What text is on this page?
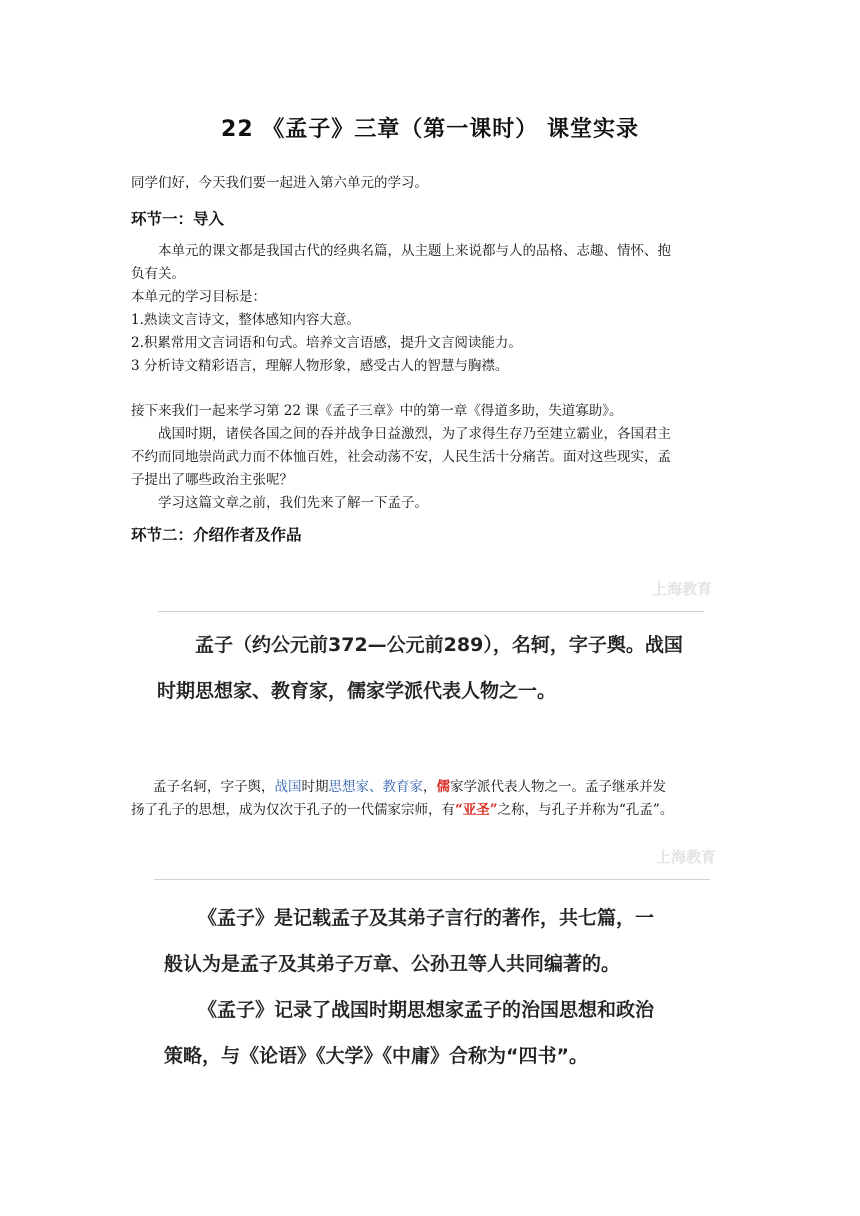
22 《孟子》三章（第一课时） 课堂实录
同学们好，今天我们要一起进入第六单元的学习。
环节一：导入
本单元的课文都是我国古代的经典名篇，从主题上来说都与人的品格、志趣、情怀、抱
负有关。
本单元的学习目标是：
1.熟读文言诗文，整体感知内容大意。
2.积累常用文言词语和句式。培养文言语感，提升文言阅读能力。
3 分析诗文精彩语言，理解人物形象，感受古人的智慧与胸襟。
接下来我们一起来学习第 22 课《孟子三章》中的第一章《得道多助，失道寡助》。
战国时期，诸侯各国之间的吞并战争日益激烈，为了求得生存乃至建立霸业，各国君主
不约而同地崇尚武力而不体恤百姓，社会动荡不安，人民生活十分痛苦。面对这些现实，孟
子提出了哪些政治主张呢？
学习这篇文章之前，我们先来了解一下孟子。
环节二：介绍作者及作品
上海教育
孟子（约公元前372—公元前289），名轲，字子舆。战国
时期思想家、教育家，儒家学派代表人物之一。
孟子名轲，字子舆，战国时期思想家、教育家，儒家学派代表人物之一。孟子继承并发
扬了孔子的思想，成为仅次于孔子的一代儒家宗师，有“亚圣”之称，与孔子并称为“孔孟”。
上海教育
《孟子》是记载孟子及其弟子言行的著作，共七篇，一
般认为是孟子及其弟子万章、公孙丑等人共同编著的。
《孟子》记录了战国时期思想家孟子的治国思想和政治
策略，与《论语》《大学》《中庸》合称为“四书”。
